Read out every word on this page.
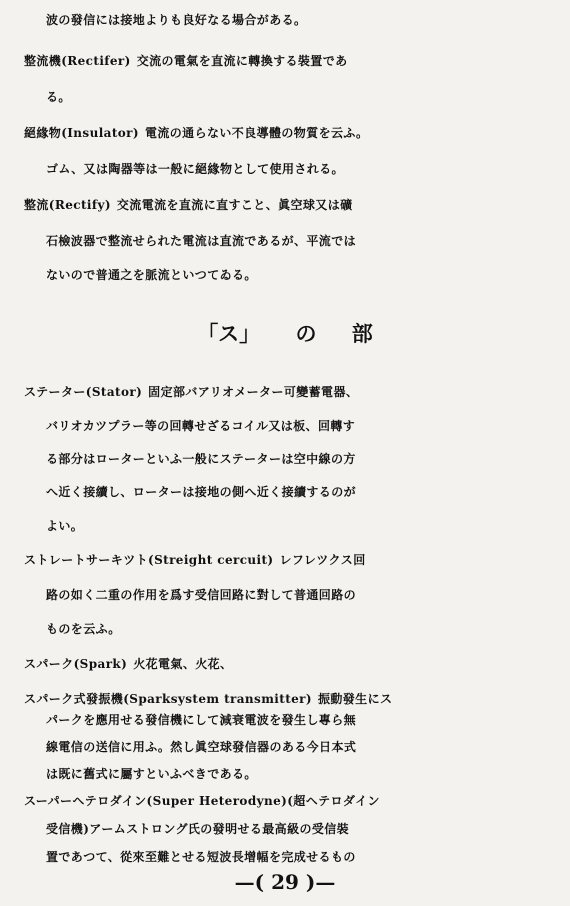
波の發信には接地よりも良好なる場合がある。
整流機(Rectifer) 交流の電氣を直流に轉換する裝置であ
る。
絕緣物(Insulator) 電流の通らない不良導體の物質を云ふ。
ゴム、又は陶器等は一般に絕緣物として使用される。
整流(Rectify) 交流電流を直流に直すこと、眞空球又は礦
石檢波器で整流せられた電流は直流であるが、平流では
ないので普通之を脈流といつてゐる。
「ス」 の 部
ステーター(Stator) 固定部バアリオメーター可變蓄電器、
バリオカツプラー等の回轉せざるコイル又は板、回轉す
る部分はローターといふ一般にステーターは空中線の方
へ近く接續し、ローターは接地の側へ近く接續するのが
よい。
ストレートサーキツト(Streight cercuit) レフレツクス回
路の如く二重の作用を爲す受信回路に對して普通回路の
ものを云ふ。
スパーク(Spark) 火花電氣、火花、
スパーク式發振機(Sparksystem transmitter) 振動發生にス
パークを應用せる發信機にして減衰電波を發生し專ら無
線電信の送信に用ふ。然し眞空球發信器のある今日本式
は既に舊式に屬すといふべきである。
スーパーヘテロダイン(Super Heterodyne)(超ヘテロダイン
受信機)アームストロング氏の發明せる最高級の受信裝
置であつて、從來至難とせる短波長增幅を完成せるもの
—( 29 )—
